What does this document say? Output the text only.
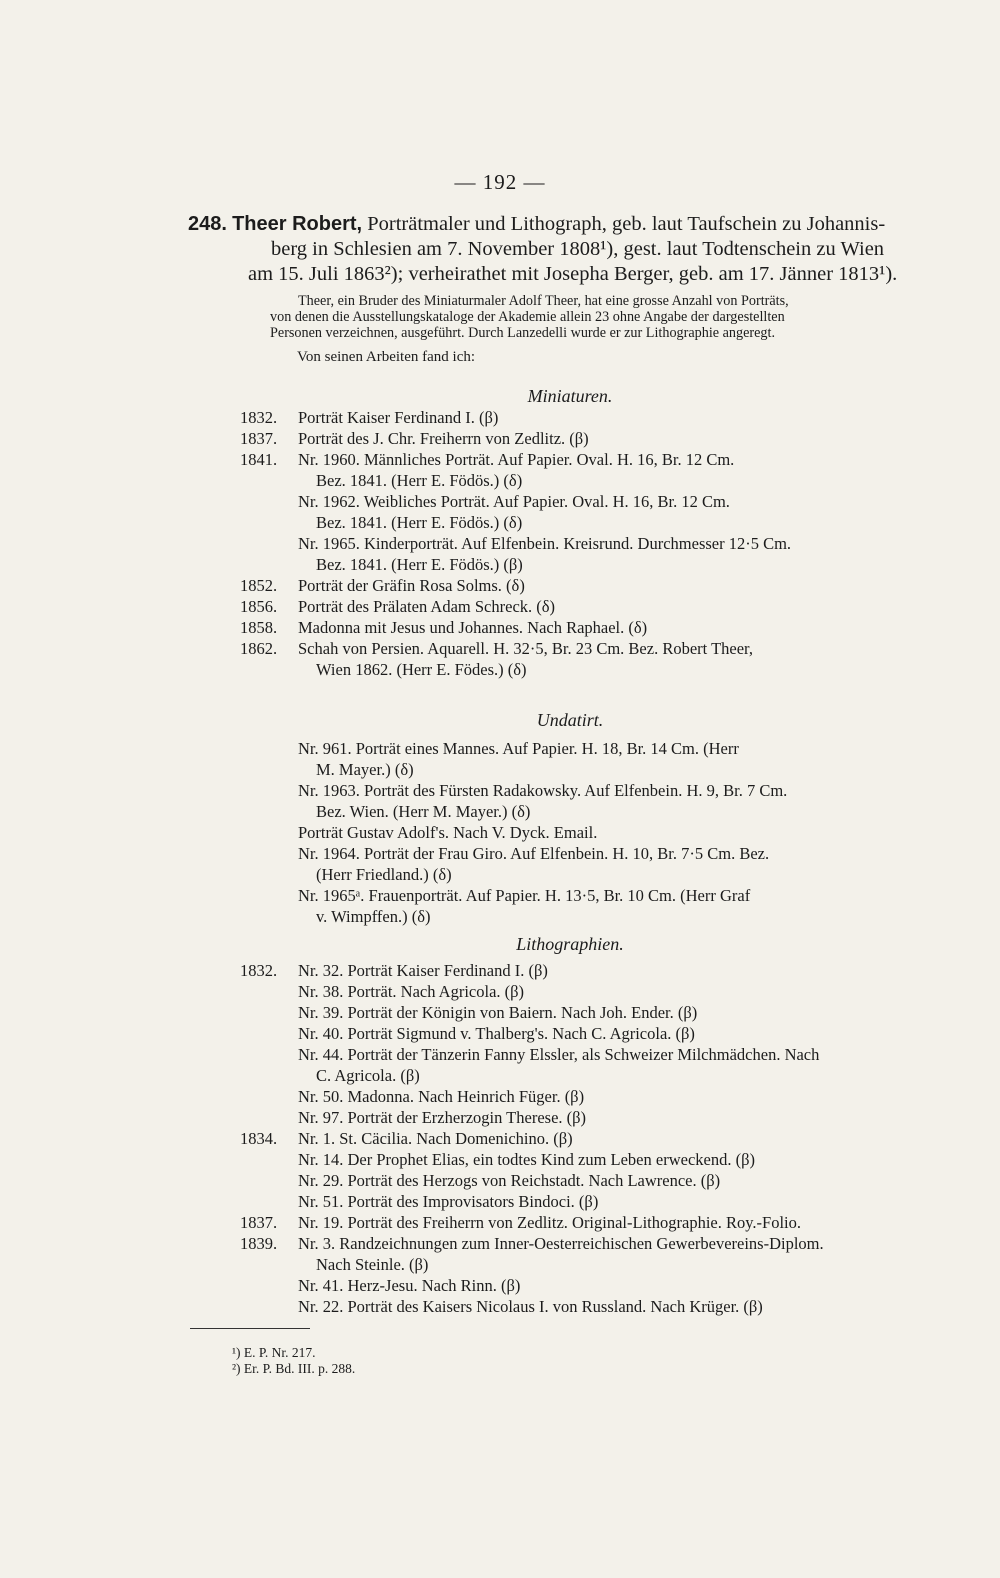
— 192 —
248. Theer Robert, Porträtmaler und Lithograph, geb. laut Taufschein zu Johannis-
berg in Schlesien am 7. November 1808¹), gest. laut Todtenschein zu Wien
am 15. Juli 1863²); verheirathet mit Josepha Berger, geb. am 17. Jänner 1813¹).
Theer, ein Bruder des Miniaturmaler Adolf Theer, hat eine grosse Anzahl von Porträts,
von denen die Ausstellungskataloge der Akademie allein 23 ohne Angabe der dargestellten
Personen verzeichnen, ausgeführt. Durch Lanzedelli wurde er zur Lithographie angeregt.
Von seinen Arbeiten fand ich:
Miniaturen.
1832. Porträt Kaiser Ferdinand I. (β)
1837. Porträt des J. Chr. Freiherrn von Zedlitz. (β)
1841. Nr. 1960. Männliches Porträt. Auf Papier. Oval. H. 16, Br. 12 Cm.
Bez. 1841. (Herr E. Födös.) (δ)
Nr. 1962. Weibliches Porträt. Auf Papier. Oval. H. 16, Br. 12 Cm.
Bez. 1841. (Herr E. Födös.) (δ)
Nr. 1965. Kinderporträt. Auf Elfenbein. Kreisrund. Durchmesser 12·5 Cm.
Bez. 1841. (Herr E. Födös.) (β)
1852. Porträt der Gräfin Rosa Solms. (δ)
1856. Porträt des Prälaten Adam Schreck. (δ)
1858. Madonna mit Jesus und Johannes. Nach Raphael. (δ)
1862. Schah von Persien. Aquarell. H. 32·5, Br. 23 Cm. Bez. Robert Theer,
Wien 1862. (Herr E. Födes.) (δ)
Undatirt.
Nr. 961. Porträt eines Mannes. Auf Papier. H. 18, Br. 14 Cm. (Herr
M. Mayer.) (δ)
Nr. 1963. Porträt des Fürsten Radakowsky. Auf Elfenbein. H. 9, Br. 7 Cm.
Bez. Wien. (Herr M. Mayer.) (δ)
Porträt Gustav Adolf's. Nach V. Dyck. Email.
Nr. 1964. Porträt der Frau Giro. Auf Elfenbein. H. 10, Br. 7·5 Cm. Bez.
(Herr Friedland.) (δ)
Nr. 1965ᵃ. Frauenporträt. Auf Papier. H. 13·5, Br. 10 Cm. (Herr Graf
v. Wimpffen.) (δ)
Lithographien.
1832. Nr. 32. Porträt Kaiser Ferdinand I. (β)
Nr. 38. Porträt. Nach Agricola. (β)
Nr. 39. Porträt der Königin von Baiern. Nach Joh. Ender. (β)
Nr. 40. Porträt Sigmund v. Thalberg's. Nach C. Agricola. (β)
Nr. 44. Porträt der Tänzerin Fanny Elssler, als Schweizer Milchmädchen. Nach
C. Agricola. (β)
Nr. 50. Madonna. Nach Heinrich Füger. (β)
Nr. 97. Porträt der Erzherzogin Therese. (β)
1834. Nr. 1. St. Cäcilia. Nach Domenichino. (β)
Nr. 14. Der Prophet Elias, ein todtes Kind zum Leben erweckend. (β)
Nr. 29. Porträt des Herzogs von Reichstadt. Nach Lawrence. (β)
Nr. 51. Porträt des Improvisators Bindoci. (β)
1837. Nr. 19. Porträt des Freiherrn von Zedlitz. Original-Lithographie. Roy.-Folio.
1839. Nr. 3. Randzeichnungen zum Inner-Oesterreichischen Gewerbevereins-Diplom.
Nach Steinle. (β)
Nr. 41. Herz-Jesu. Nach Rinn. (β)
Nr. 22. Porträt des Kaisers Nicolaus I. von Russland. Nach Krüger. (β)
¹) E. P. Nr. 217.
²) Er. P. Bd. III. p. 288.
